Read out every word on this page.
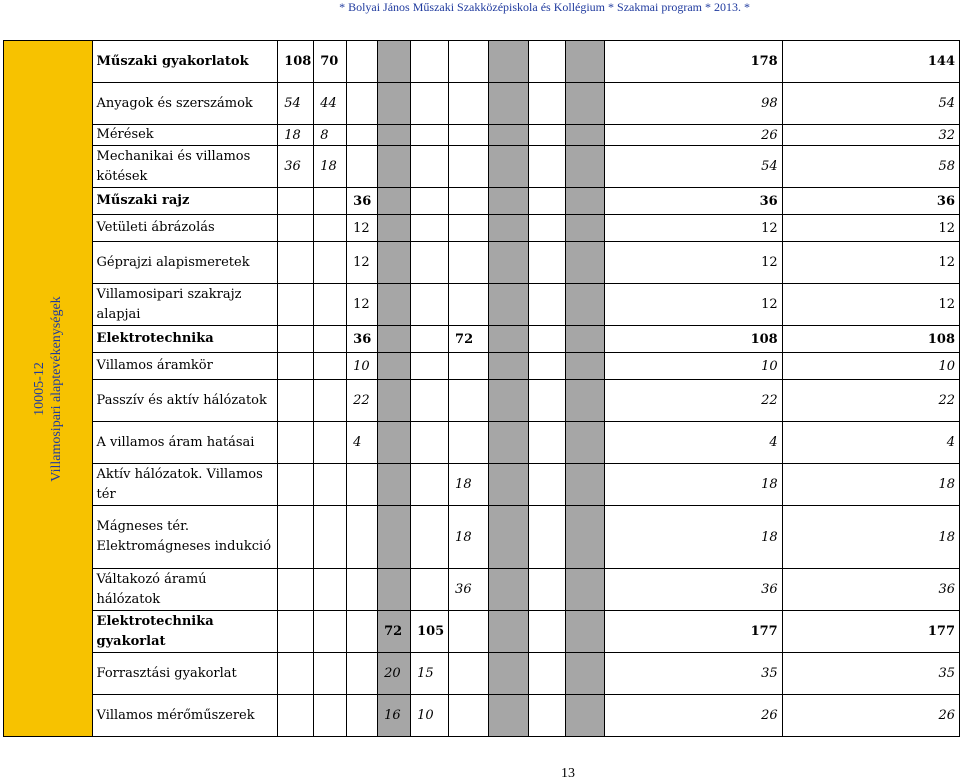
* Bolyai János Műszaki Szakközépiskola és Kollégium * Szakmai program * 2013. *
10005-12 Villamosipari alaptevékenységek	Műszaki gyakorlatok	108	70								178	144
	Anyagok és szerszámok	54	44								98	54
	Mérések	18	8								26	32
	Mechanikai és villamos kötések	36	18								54	58
	Műszaki rajz			36							36	36
	Vetületi ábrázolás			12							12	12
	Géprajzi alapismeretek			12							12	12
	Villamosipari szakrajz alapjai			12							12	12
	Elektrotechnika			36			72				108	108
	Villamos áramkör			10							10	10
	Passzív és aktív hálózatok			22							22	22
	A villamos áram hatásai			4							4	4
	Aktív hálózatok. Villamos tér						18				18	18
	Mágneses tér. Elektromágneses indukció						18				18	18
	Váltakozó áramú hálózatok						36				36	36
	Elektrotechnika gyakorlat				72	105					177	177
	Forrasztási gyakorlat				20	15					35	35
	Villamos mérőműszerek				16	10					26	26
13
